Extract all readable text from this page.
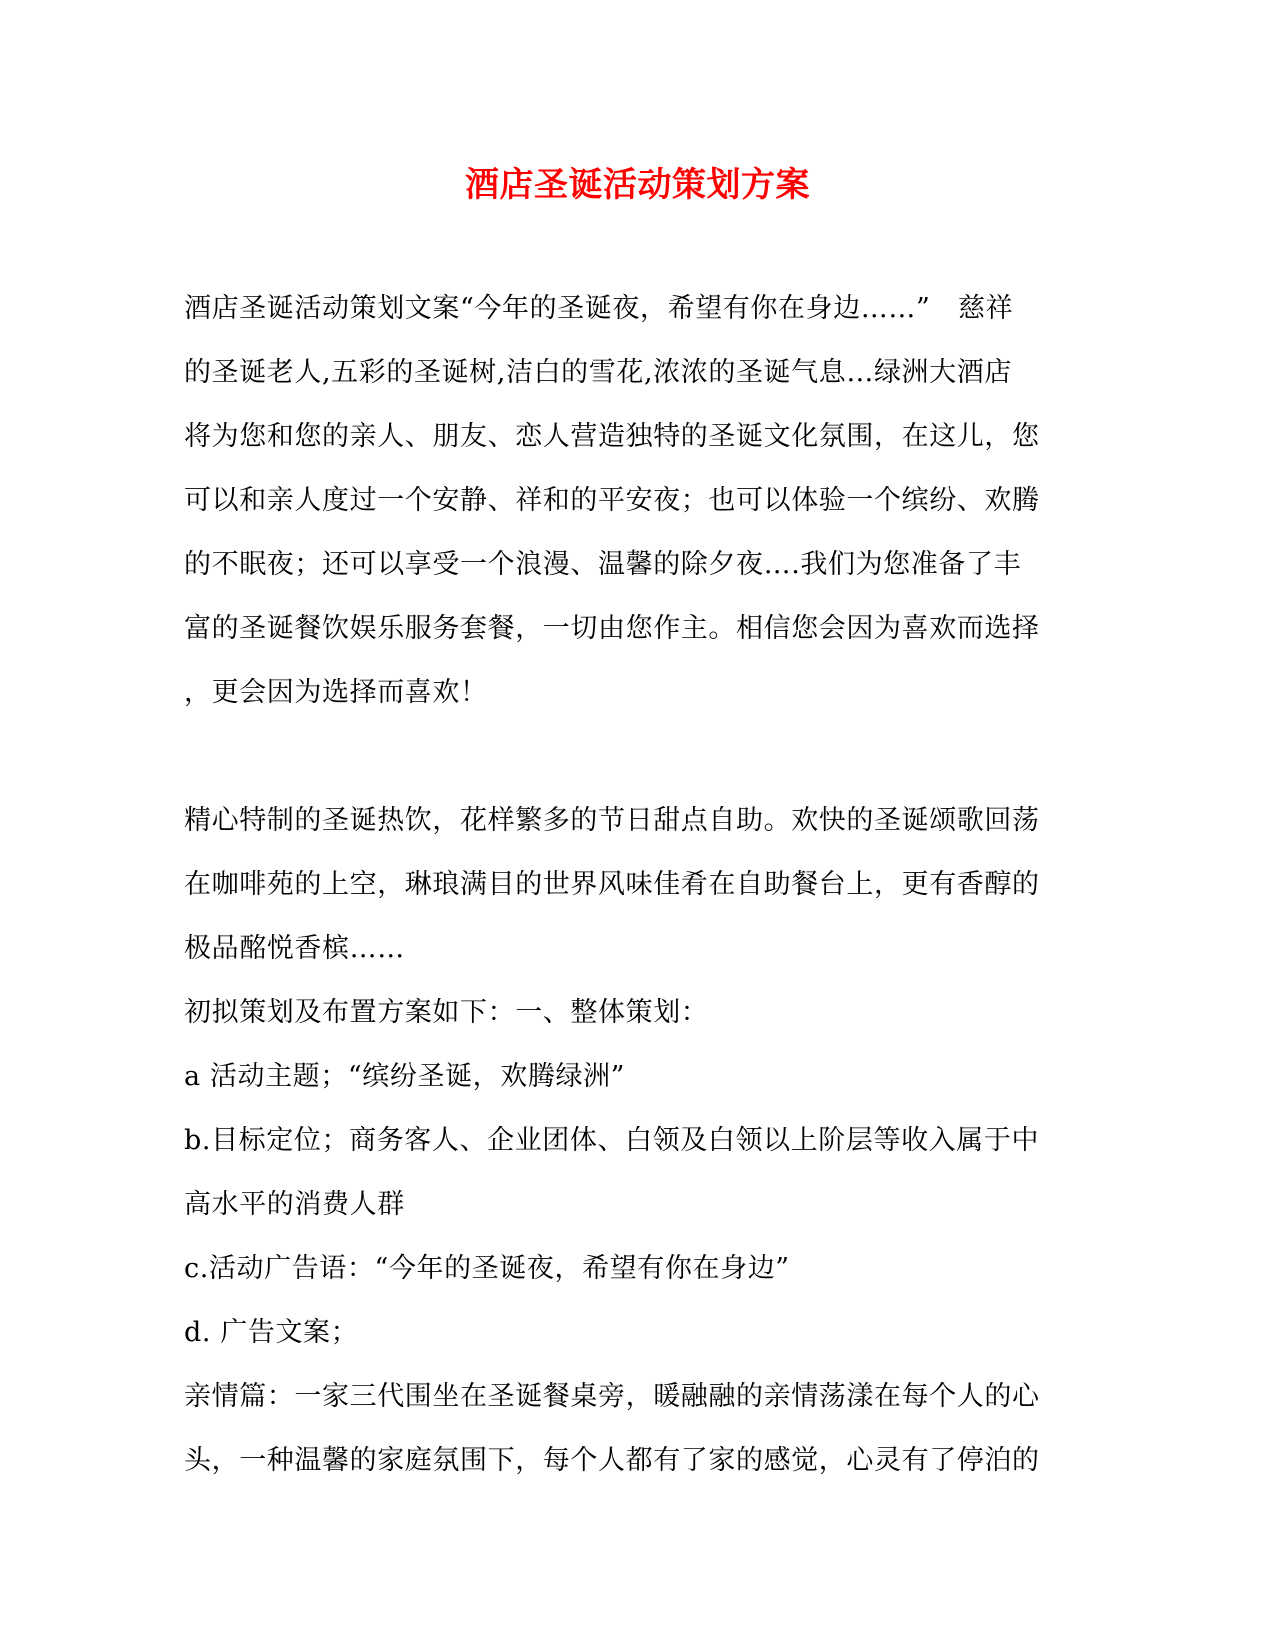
酒店圣诞活动策划方案
酒店圣诞活动策划文案“今年的圣诞夜，希望有你在身边……”　慈祥
的圣诞老人,五彩的圣诞树,洁白的雪花,浓浓的圣诞气息…绿洲大酒店
将为您和您的亲人、朋友、恋人营造独特的圣诞文化氛围，在这儿，您
可以和亲人度过一个安静、祥和的平安夜；也可以体验一个缤纷、欢腾
的不眠夜；还可以享受一个浪漫、温馨的除夕夜….我们为您准备了丰
富的圣诞餐饮娱乐服务套餐，一切由您作主。相信您会因为喜欢而选择
，更会因为选择而喜欢！
精心特制的圣诞热饮，花样繁多的节日甜点自助。欢快的圣诞颂歌回荡
在咖啡苑的上空，琳琅满目的世界风味佳肴在自助餐台上，更有香醇的
极品酩悦香槟……
初拟策划及布置方案如下：一、整体策划：
a 活动主题；“缤纷圣诞，欢腾绿洲”
b.目标定位；商务客人、企业团体、白领及白领以上阶层等收入属于中
高水平的消费人群
c.活动广告语：“今年的圣诞夜，希望有你在身边”
d. 广告文案；
亲情篇：一家三代围坐在圣诞餐桌旁，暖融融的亲情荡漾在每个人的心
头，一种温馨的家庭氛围下，每个人都有了家的感觉，心灵有了停泊的
